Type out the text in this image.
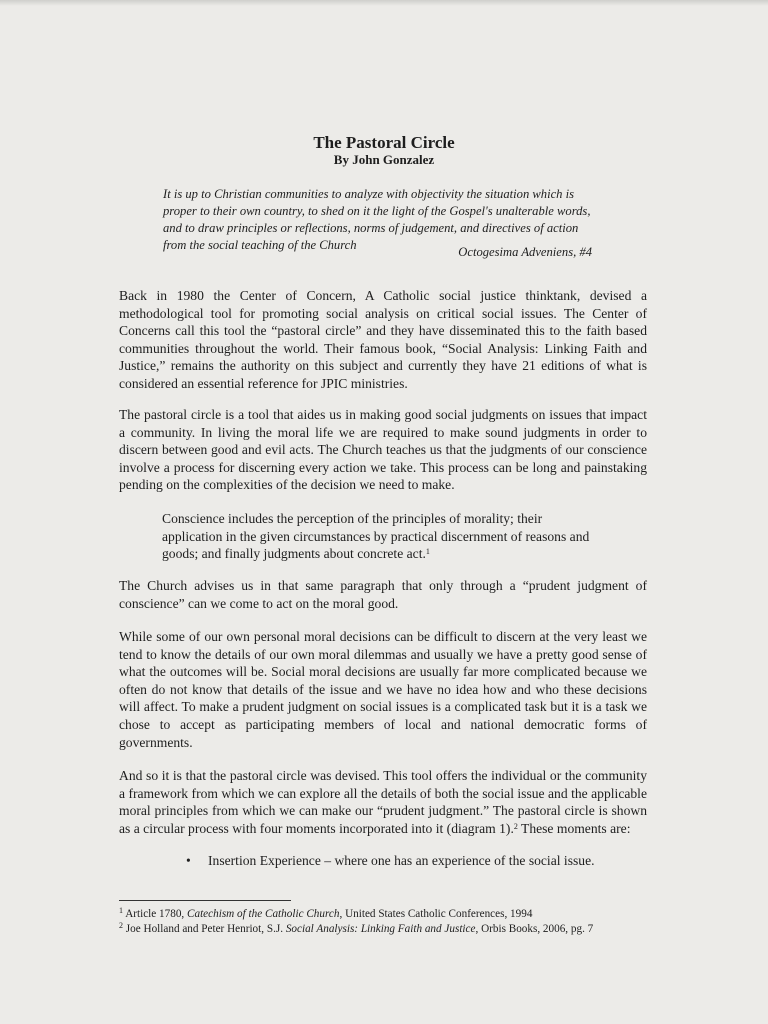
The Pastoral Circle
By John Gonzalez
It is up to Christian communities to analyze with objectivity the situation which is proper to their own country, to shed on it the light of the Gospel's unalterable words, and to draw principles or reflections, norms of judgement, and directives of action from the social teaching of the Church	Octogesima Adveniens, #4
Back in 1980 the Center of Concern, A Catholic social justice thinktank, devised a methodological tool for promoting social analysis on critical social issues. The Center of Concerns call this tool the “pastoral circle” and they have disseminated this to the faith based communities throughout the world. Their famous book, “Social Analysis: Linking Faith and Justice,” remains the authority on this subject and currently they have 21 editions of what is considered an essential reference for JPIC ministries.
The pastoral circle is a tool that aides us in making good social judgments on issues that impact a community. In living the moral life we are required to make sound judgments in order to discern between good and evil acts. The Church teaches us that the judgments of our conscience involve a process for discerning every action we take. This process can be long and painstaking pending on the complexities of the decision we need to make.
Conscience includes the perception of the principles of morality; their application in the given circumstances by practical discernment of reasons and goods; and finally judgments about concrete act.$^1$
The Church advises us in that same paragraph that only through a “prudent judgment of conscience” can we come to act on the moral good.
While some of our own personal moral decisions can be difficult to discern at the very least we tend to know the details of our own moral dilemmas and usually we have a pretty good sense of what the outcomes will be. Social moral decisions are usually far more complicated because we often do not know that details of the issue and we have no idea how and who these decisions will affect. To make a prudent judgment on social issues is a complicated task but it is a task we chose to accept as participating members of local and national democratic forms of governments.
And so it is that the pastoral circle was devised. This tool offers the individual or the community a framework from which we can explore all the details of both the social issue and the applicable moral principles from which we can make our “prudent judgment.” The pastoral circle is shown as a circular process with four moments incorporated into it (diagram 1).$^2$ These moments are:
• Insertion Experience – where one has an experience of the social issue.
$^1$ Article 1780, Catechism of the Catholic Church, United States Catholic Conferences, 1994
$^2$ Joe Holland and Peter Henriot, S.J. Social Analysis: Linking Faith and Justice, Orbis Books, 2006, pg. 7
